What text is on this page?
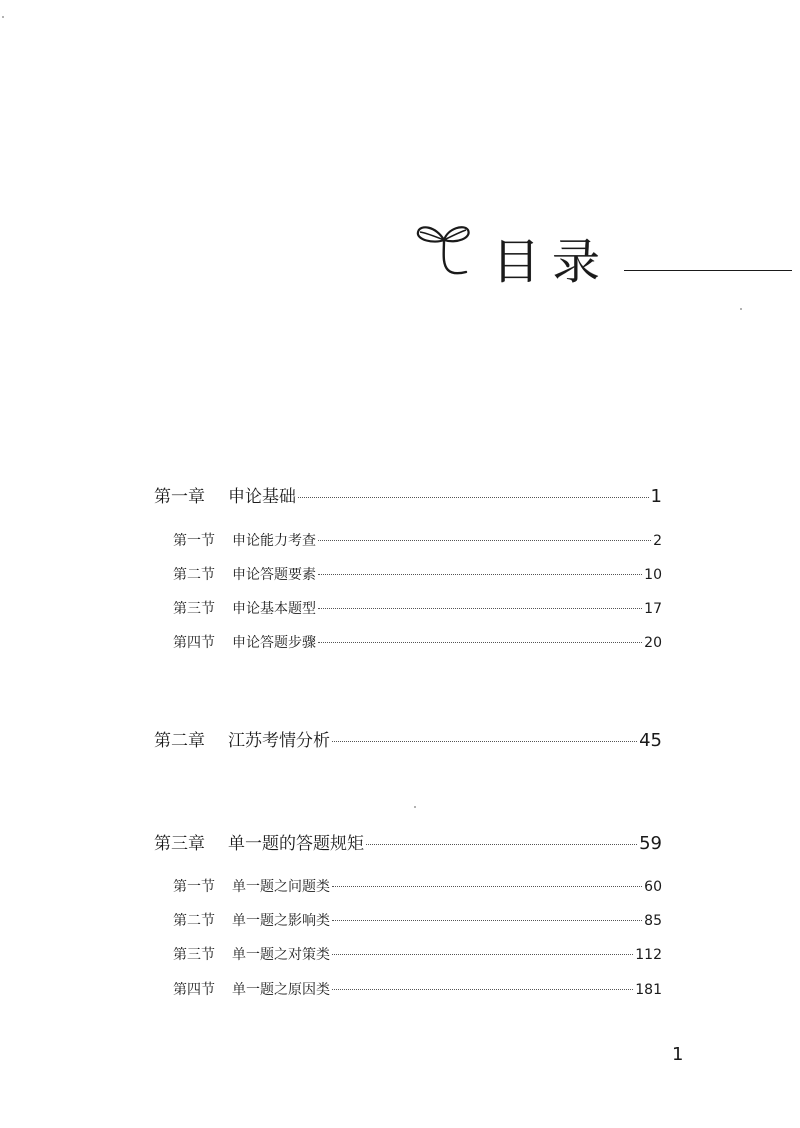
目录
第一章	申论基础	1
第一节	申论能力考查	2
第二节	申论答题要素	10
第三节	申论基本题型	17
第四节	申论答题步骤	20
第二章	江苏考情分析	45
第三章	单一题的答题规矩	59
第一节	单一题之问题类	60
第二节	单一题之影响类	85
第三节	单一题之对策类	112
第四节	单一题之原因类	181
1
